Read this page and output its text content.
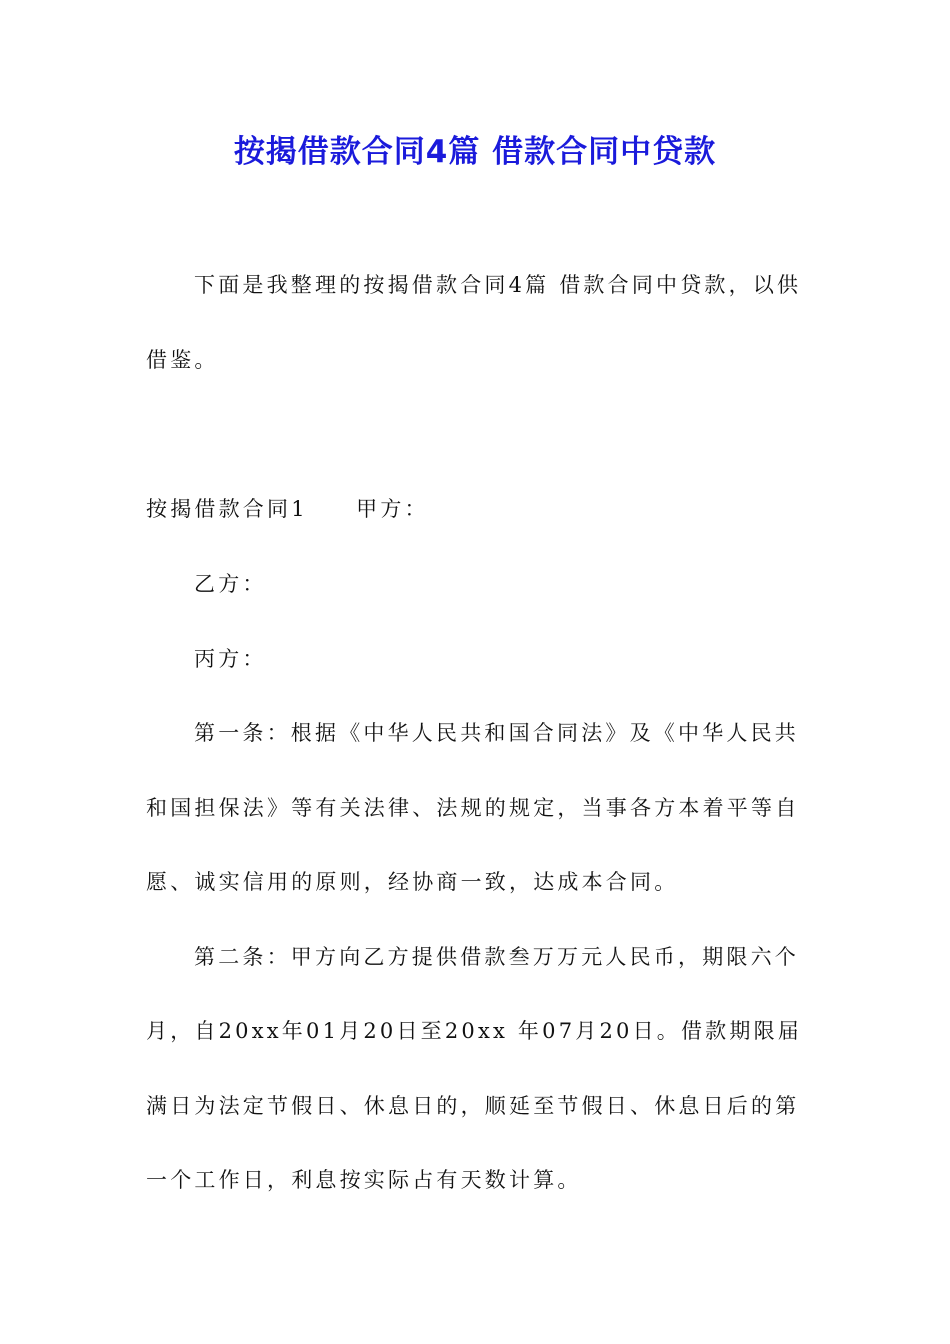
按揭借款合同4篇 借款合同中贷款

下面是我整理的按揭借款合同4篇 借款合同中贷款，以供

借鉴。

按揭借款合同1　　甲方：

乙方：

丙方：

第一条：根据《中华人民共和国合同法》及《中华人民共

和国担保法》等有关法律、法规的规定，当事各方本着平等自

愿、诚实信用的原则，经协商一致，达成本合同。

第二条：甲方向乙方提供借款叁万万元人民币，期限六个

月，自20xx年01月20日至20xx 年07月20日。借款期限届

满日为法定节假日、休息日的，顺延至节假日、休息日后的第

一个工作日，利息按实际占有天数计算。
